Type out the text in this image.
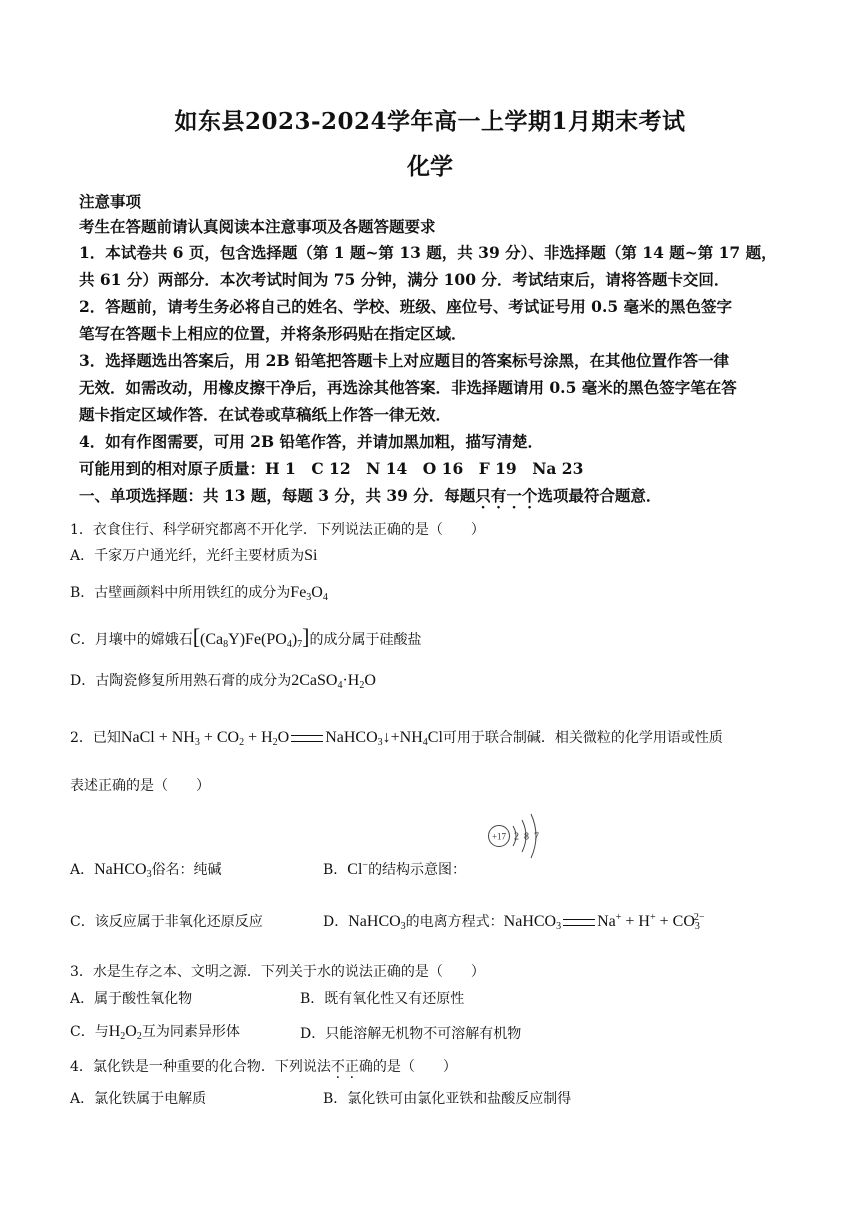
如东县2023-2024学年高一上学期1月期末考试
化学
注意事项
考生在答题前请认真阅读本注意事项及各题答题要求
1．本试卷共 6 页，包含选择题（第 1 题~第 13 题，共 39 分）、非选择题（第 14 题~第 17 题，
共 61 分）两部分．本次考试时间为 75 分钟，满分 100 分．考试结束后，请将答题卡交回．
2．答题前，请考生务必将自己的姓名、学校、班级、座位号、考试证号用 0.5 毫米的黑色签字
笔写在答题卡上相应的位置，并将条形码贴在指定区域．
3．选择题选出答案后，用 2B 铅笔把答题卡上对应题目的答案标号涂黑，在其他位置作答一律
无效．如需改动，用橡皮擦干净后，再选涂其他答案．非选择题请用 0.5 毫米的黑色签字笔在答
题卡指定区域作答．在试卷或草稿纸上作答一律无效．
4．如有作图需要，可用 2B 铅笔作答，并请加黑加粗，描写清楚．
可能用到的相对原子质量：H 1　C 12　N 14　O 16　F 19　Na 23
一、单项选择题：共 13 题，每题 3 分，共 39 分．每题只有一个选项最符合题意．
1．衣食住行、科学研究都离不开化学．下列说法正确的是（　　）
A．千家万户通光纤，光纤主要材质为Si
B．古壁画颜料中所用铁红的成分为$Fe_3O_4$
C．月壤中的嫦娥石$[(Ca_8Y)Fe(PO_4)_7]$的成分属于硅酸盐
D．古陶瓷修复所用熟石膏的成分为$2CaSO_4\cdot H_2O$
2．已知NaCl + $NH_3 + CO_2 + H_2O$ $NaHCO_3↓+NH_4Cl$可用于联合制碱．相关微粒的化学用语或性质
表述正确的是（　　）
+17 2 8 7
A．NaHCO$_3$俗名：纯碱	B．Cl−的结构示意图：
C．该反应属于非氧化还原反应	D．NaHCO$_3$的电离方程式：NaHCO$_3$ $Na^+ + H^+ + CO_3^{2-}$
3．水是生存之本、文明之源．下列关于水的说法正确的是（　　）
A．属于酸性氧化物	B．既有氧化性又有还原性
C．与$H_2O_2$互为同素异形体	D．只能溶解无机物不可溶解有机物
4．氯化铁是一种重要的化合物．下列说法不正确的是（　　）
A．氯化铁属于电解质	B．氯化铁可由氯化亚铁和盐酸反应制得
